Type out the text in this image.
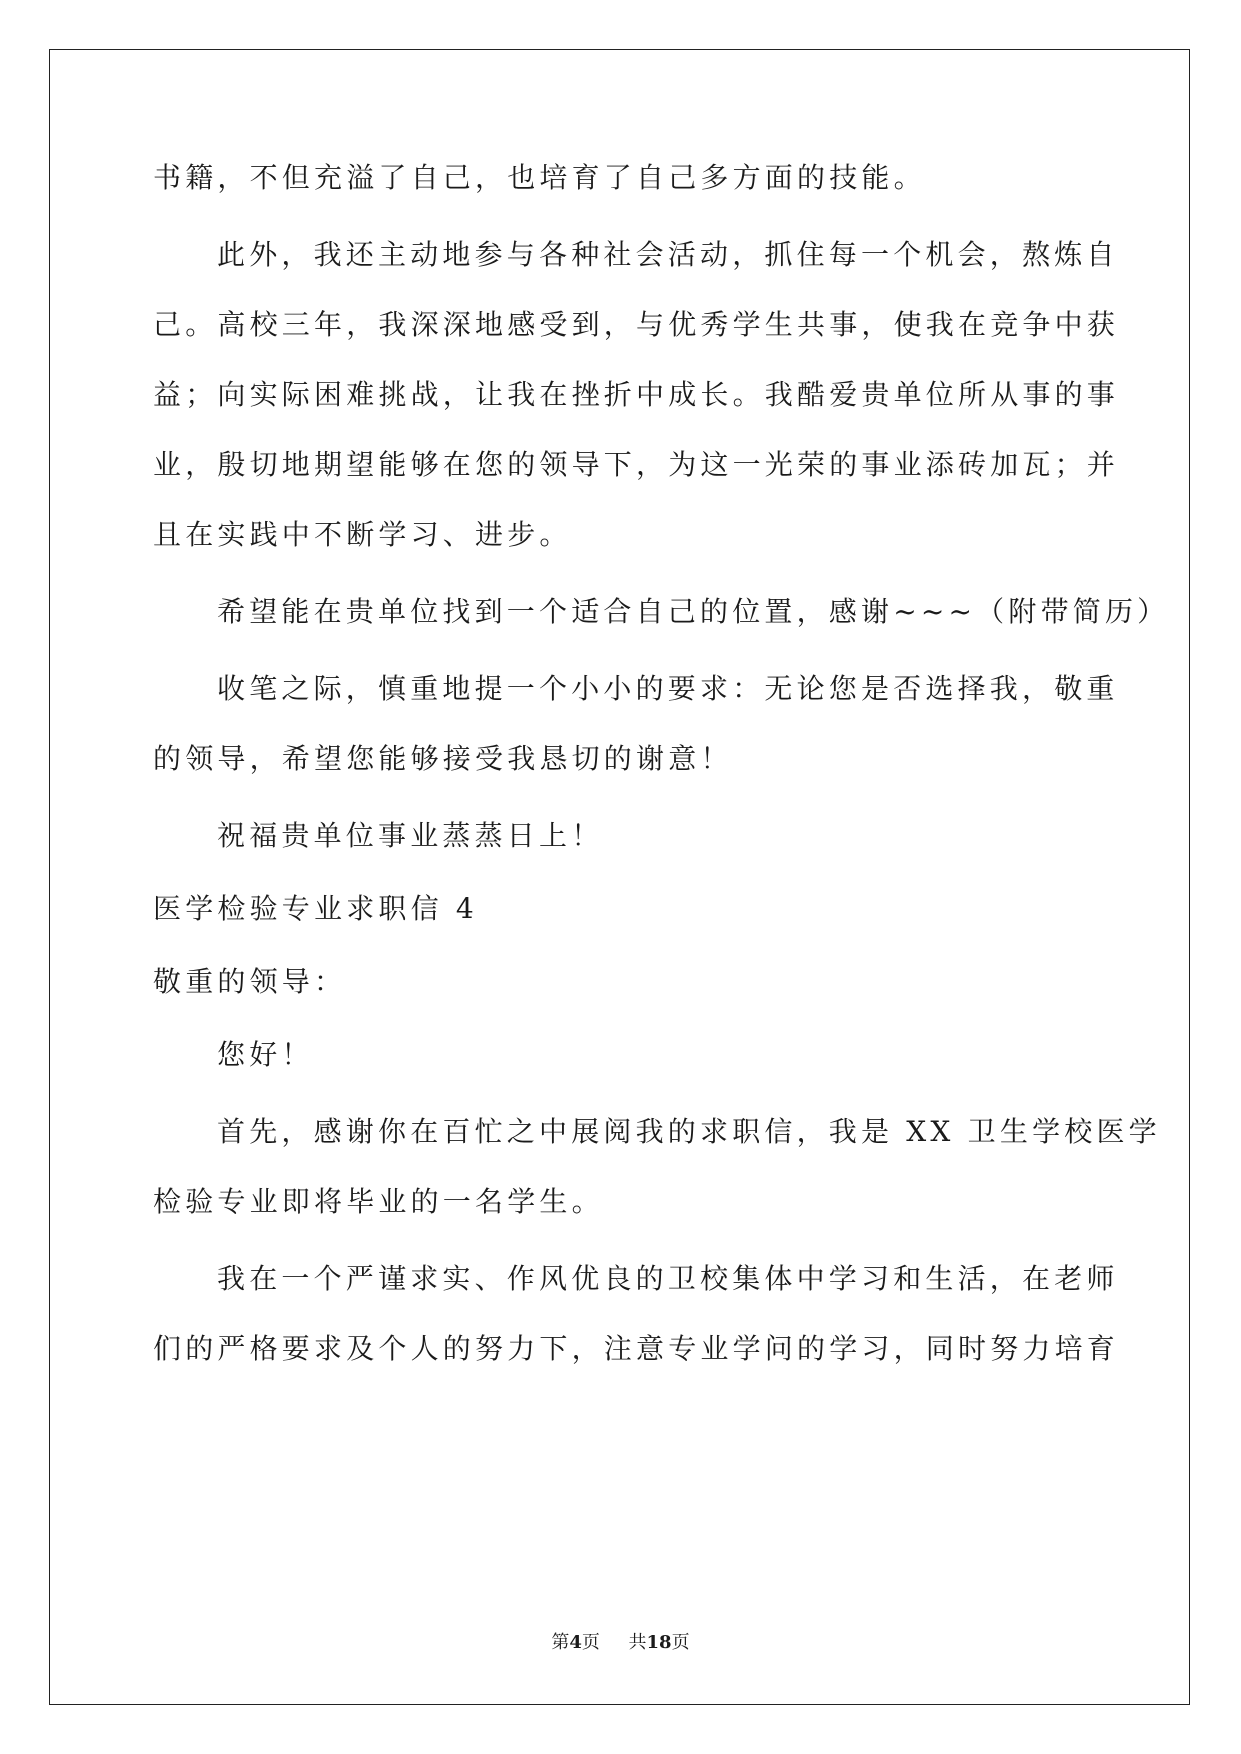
书籍，不但充溢了自己，也培育了自己多方面的技能。
此外，我还主动地参与各种社会活动，抓住每一个机会，熬炼自
己。高校三年，我深深地感受到，与优秀学生共事，使我在竞争中获
益；向实际困难挑战，让我在挫折中成长。我酷爱贵单位所从事的事
业，殷切地期望能够在您的领导下，为这一光荣的事业添砖加瓦；并
且在实践中不断学习、进步。
希望能在贵单位找到一个适合自己的位置，感谢~~~（附带简历）
收笔之际，慎重地提一个小小的要求：无论您是否选择我，敬重
的领导，希望您能够接受我恳切的谢意！
祝福贵单位事业蒸蒸日上！
医学检验专业求职信 4
敬重的领导：
您好！
首先，感谢你在百忙之中展阅我的求职信，我是 XX 卫生学校医学
检验专业即将毕业的一名学生。
我在一个严谨求实、作风优良的卫校集体中学习和生活，在老师
们的严格要求及个人的努力下，注意专业学问的学习，同时努力培育
第4页 共18页
